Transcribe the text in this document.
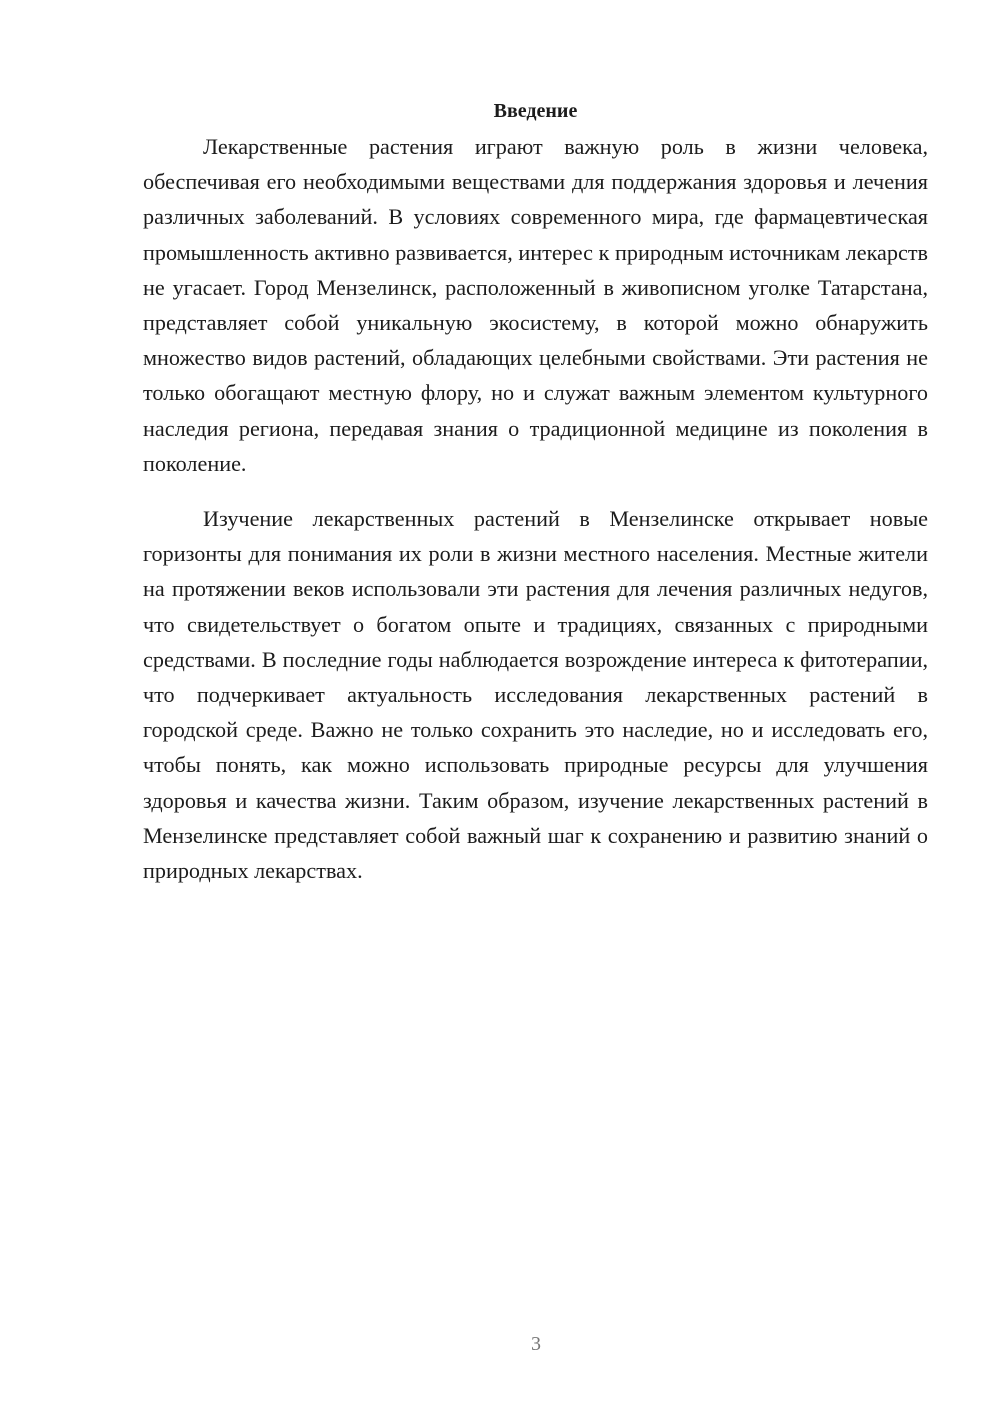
Введение

Лекарственные растения играют важную роль в жизни человека, обеспечивая его необходимыми веществами для поддержания здоровья и лечения различных заболеваний. В условиях современного мира, где фармацевтическая промышленность активно развивается, интерес к природным источникам лекарств не угасает. Город Мензелинск, расположенный в живописном уголке Татарстана, представляет собой уникальную экосистему, в которой можно обнаружить множество видов растений, обладающих целебными свойствами. Эти растения не только обогащают местную флору, но и служат важным элементом культурного наследия региона, передавая знания о традиционной медицине из поколения в поколение.

Изучение лекарственных растений в Мензелинске открывает новые горизонты для понимания их роли в жизни местного населения. Местные жители на протяжении веков использовали эти растения для лечения различных недугов, что свидетельствует о богатом опыте и традициях, связанных с природными средствами. В последние годы наблюдается возрождение интереса к фитотерапии, что подчеркивает актуальность исследования лекарственных растений в городской среде. Важно не только сохранить это наследие, но и исследовать его, чтобы понять, как можно использовать природные ресурсы для улучшения здоровья и качества жизни. Таким образом, изучение лекарственных растений в Мензелинске представляет собой важный шаг к сохранению и развитию знаний о природных лекарствах.

3
